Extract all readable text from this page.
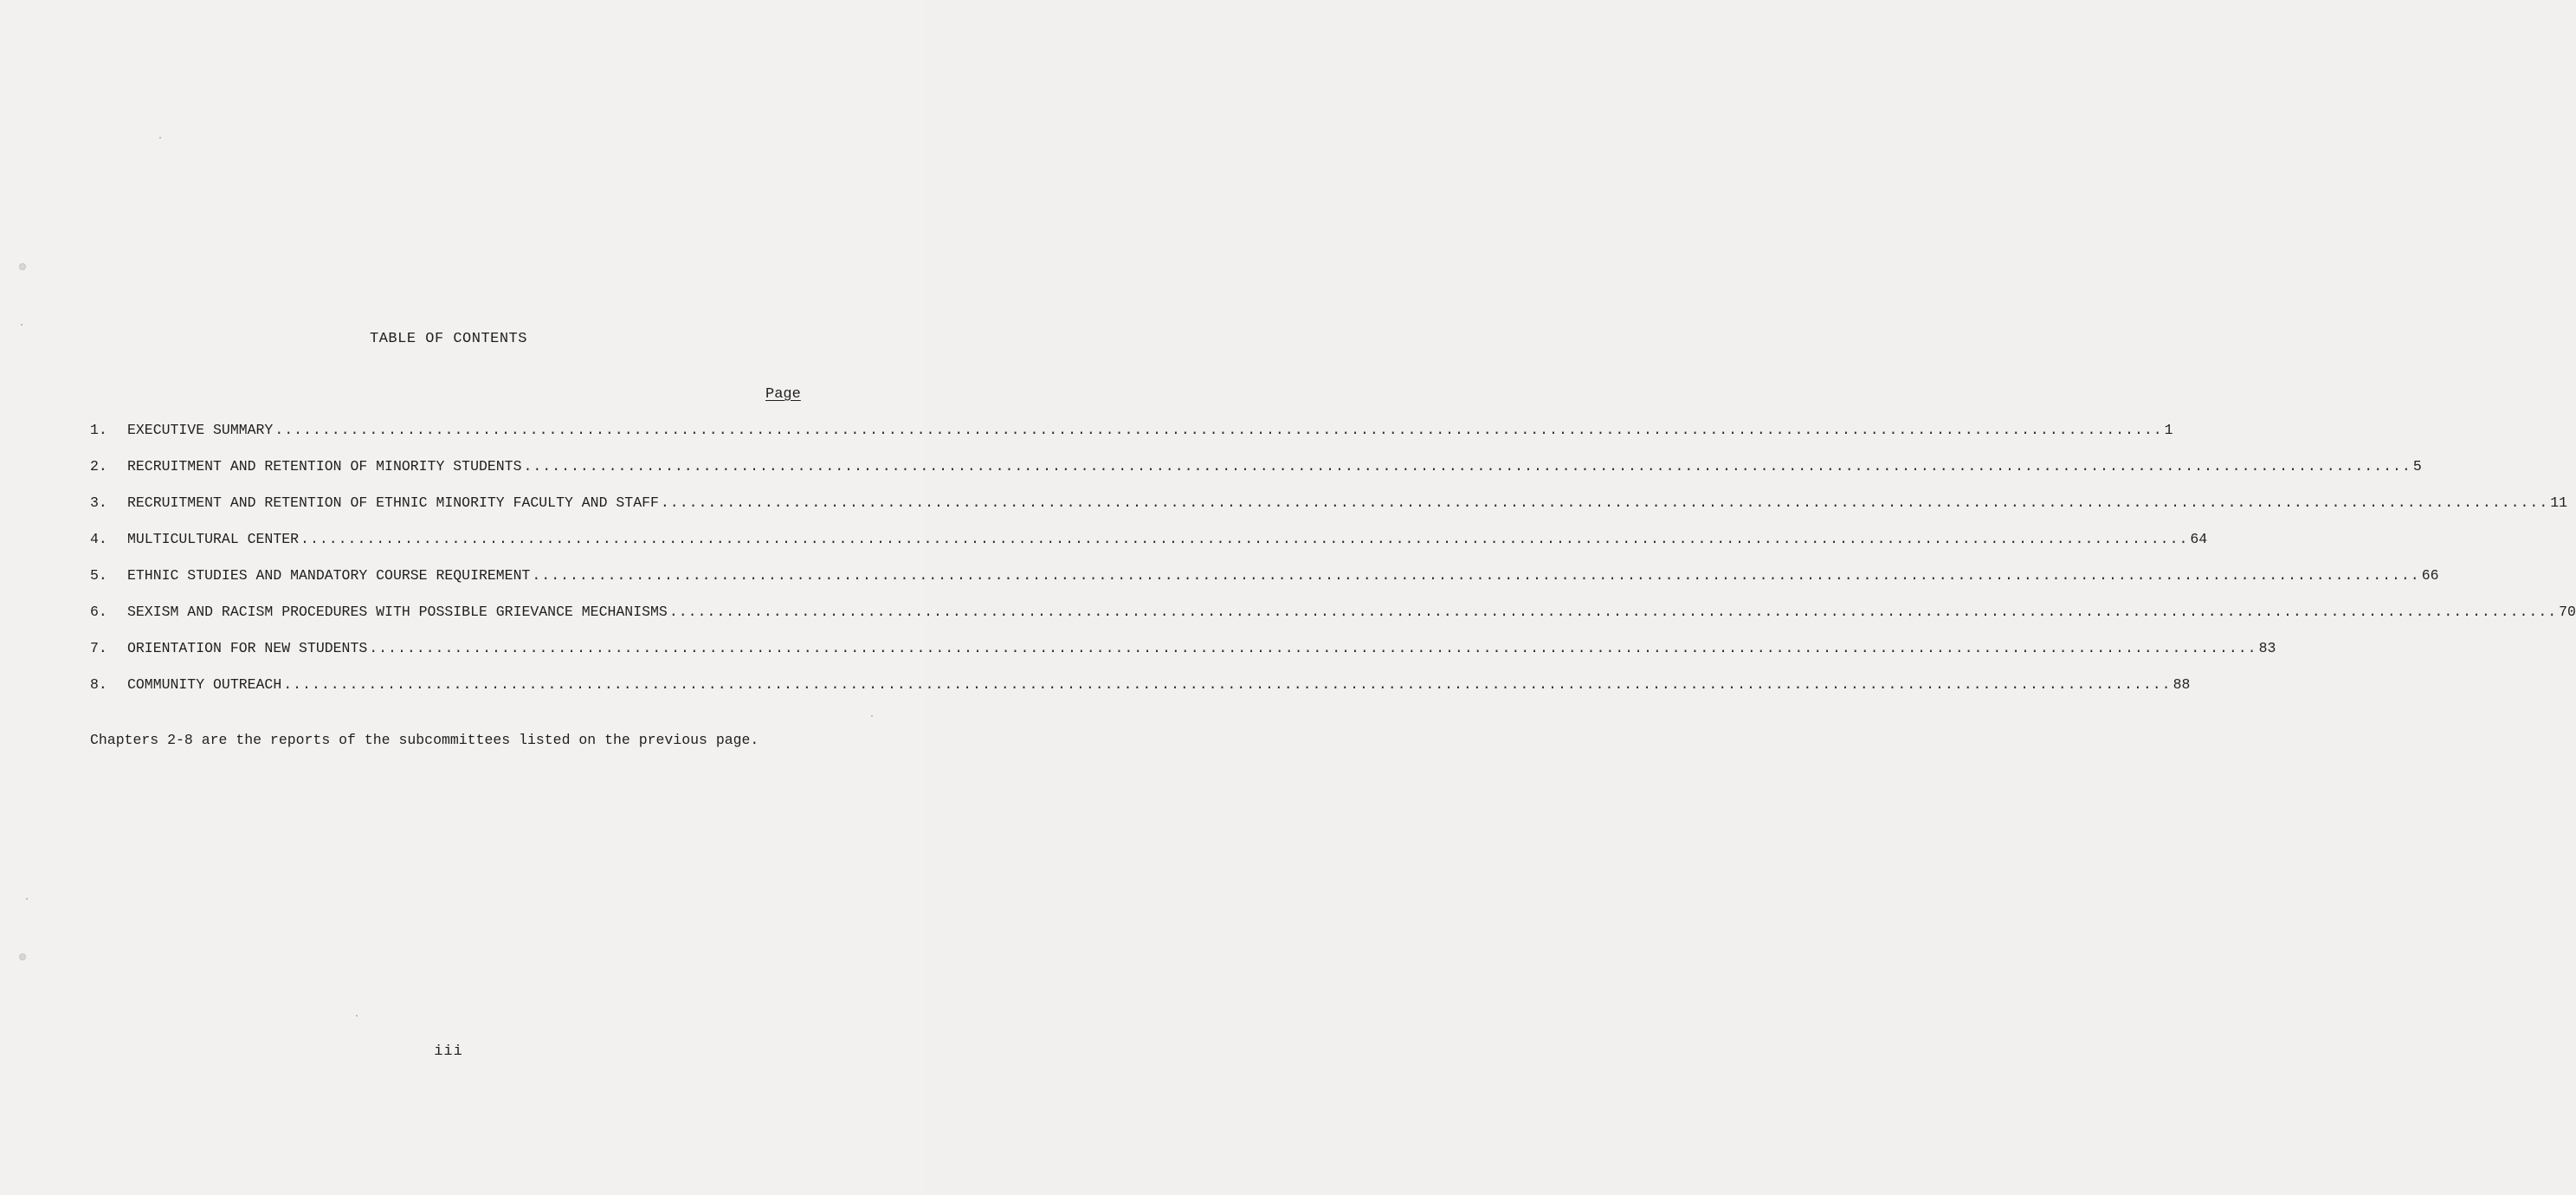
TABLE OF CONTENTS
Page
1.	EXECUTIVE SUMMARY ........................................................................................................................................................................................................ 1
2.	RECRUITMENT AND RETENTION OF MINORITY STUDENTS ........................................................................................................................................................................................................ 5
3.	RECRUITMENT AND RETENTION OF ETHNIC MINORITY FACULTY AND STAFF ........................................................................................................................................................................................................ 11
4.	MULTICULTURAL CENTER ........................................................................................................................................................................................................ 64
5.	ETHNIC STUDIES AND MANDATORY COURSE REQUIREMENT ........................................................................................................................................................................................................ 66
6.	SEXISM AND RACISM PROCEDURES WITH POSSIBLE GRIEVANCE MECHANISMS ........................................................................................................................................................................................................ 70
7.	ORIENTATION FOR NEW STUDENTS ........................................................................................................................................................................................................ 83
8.	COMMUNITY OUTREACH ........................................................................................................................................................................................................ 88
Chapters 2-8 are the reports of the subcommittees listed on the previous page.
iii
